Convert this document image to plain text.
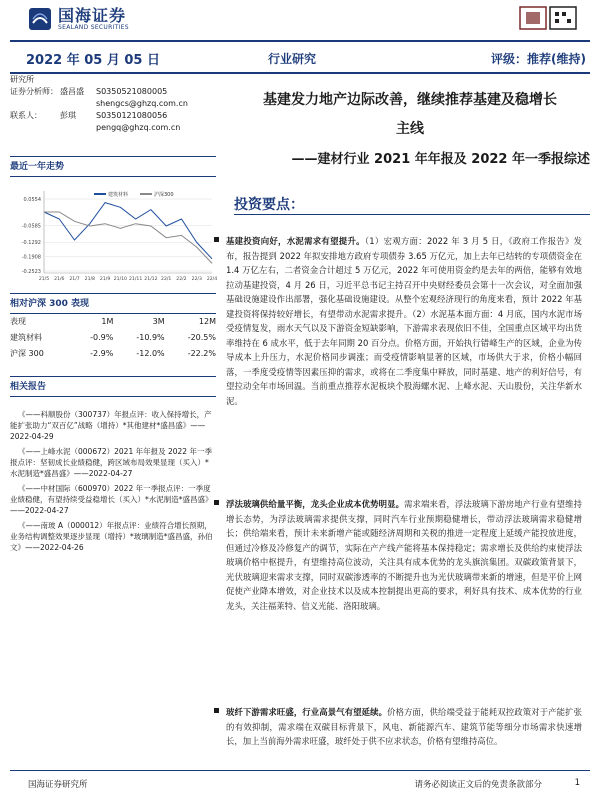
国海证券
SEALAND SECURITIES
2022 年 05 月 05 日	行业研究	评级：推荐(维持)
研究所
证券分析师： 盛昌盛	S0350521080005
shengcs@ghzq.com.cn
联系人：	彭琪	S0350121080056
pengq@ghzq.com.cn
最近一年走势
0.0554
-0.0585
-0.1292
-0.1908
-0.2523
21/5 21/6 21/7 21/8 21/9 21/10 21/11 21/12 22/1 22/2 22/3 22/4
建筑材料	沪深300
相对沪深 300 表现
表现	1M	3M	12M
建筑材料	-0.9%	-10.9%	-20.5%
沪深 300	-2.9%	-12.0%	-22.2%
相关报告

《——科顺股份（300737）年报点评：收入保持增长，产能扩张助力“双百亿”战略（增持）*其他建材*盛昌盛》——2022-04-29

《——上峰水泥（000672）2021 年年报及 2022 年一季报点评：坚韧成长业绩稳健，跨区域布局效果显现（买入）*水泥制造*盛昌盛》——2022-04-27

《——中材国际（600970）2022 年一季报点评：一季度业绩稳健，有望持续受益稳增长（买入）*水泥制造*盛昌盛》——2022-04-27

《——南玻 A（000012）年报点评：业绩符合增长预期，业务结构调整效果逐步显现（增持）*玻璃制造*盛昌盛，孙伯文》——2022-04-26

基建发力地产边际改善，继续推荐基建及稳增长
主线
——建材行业 2021 年年报及 2022 年一季报综述
投资要点：
基建投资向好，水泥需求有望提升。（1）宏观方面：2022 年 3 月 5 日，《政府工作报告》发布，报告提到 2022 年拟安排地方政府专项债券 3.65 万亿元，加上去年已结转的专项债资金在 1.4 万亿左右，二者资金合计超过 5 万亿元，2022 年可使用资金约是去年的两倍，能够有效地拉动基建投资，4 月 26 日，习近平总书记主持召开中央财经委员会第十一次会议，对全面加强基础设施建设作出部署，强化基础设施建设。从整个宏观经济现行的角度来看，预计 2022 年基建投资将保持较好增长，有望带动水泥需求提升。（2）水泥基本面方面：4 月底，国内水泥市场受疫情复发，雨水天气以及下游资金短缺影响，下游需求表现依旧不佳，全国重点区域平均出货率维持在 6 成水平，低于去年同期 20 百分点。价格方面，开始执行错峰生产的区域，企业为传导成本上升压力，水泥价格同步调涨；而受疫情影响显著的区域，市场供大于求，价格小幅回落，一季度受疫情等因素压抑的需求，或将在二季度集中释放，同时基建、地产的利好信号，有望拉动全年市场回温。当前重点推荐水泥板块个股海螺水泥、上峰水泥、天山股份，关注华新水泥。
浮法玻璃供给量平衡，龙头企业成本优势明显。需求端来看，浮法玻璃下游房地产行业有望维持增长态势，为浮法玻璃需求提供支撑，同时汽车行业预期稳健增长，带动浮法玻璃需求稳健增长；供给端来看，预计未来新增产能或随经济周期和关税的推进一定程度上延缓产能投放进度，但通过冷修及冷修复产的调节，实际在产产线产能将基本保持稳定；需求增长及供给约束使浮法玻璃价格中枢提升，有望维持高位波动，关注具有成本优势的龙头旗滨集团。双碳政策背景下，光伏玻璃迎来需求支撑，同时双碳渗透率的不断提升也为光伏玻璃带来新的增速，但是平价上网促使产业降本增效，对企业技术以及成本控制提出更高的要求，利好具有技术、成本优势的行业龙头，关注福莱特、信义光能、洛阳玻璃。
玻纤下游需求旺盛，行业高景气有望延续。价格方面，供给端受益于能耗双控政策对于产能扩张的有效抑制，需求端在双碳目标背景下，风电、新能源汽车、建筑节能等细分市场需求快速增长，加上当前海外需求旺盛，玻纤处于供不应求状态，价格有望维持高位。
国海证券研究所	请务必阅读正文后的免责条款部分	1
